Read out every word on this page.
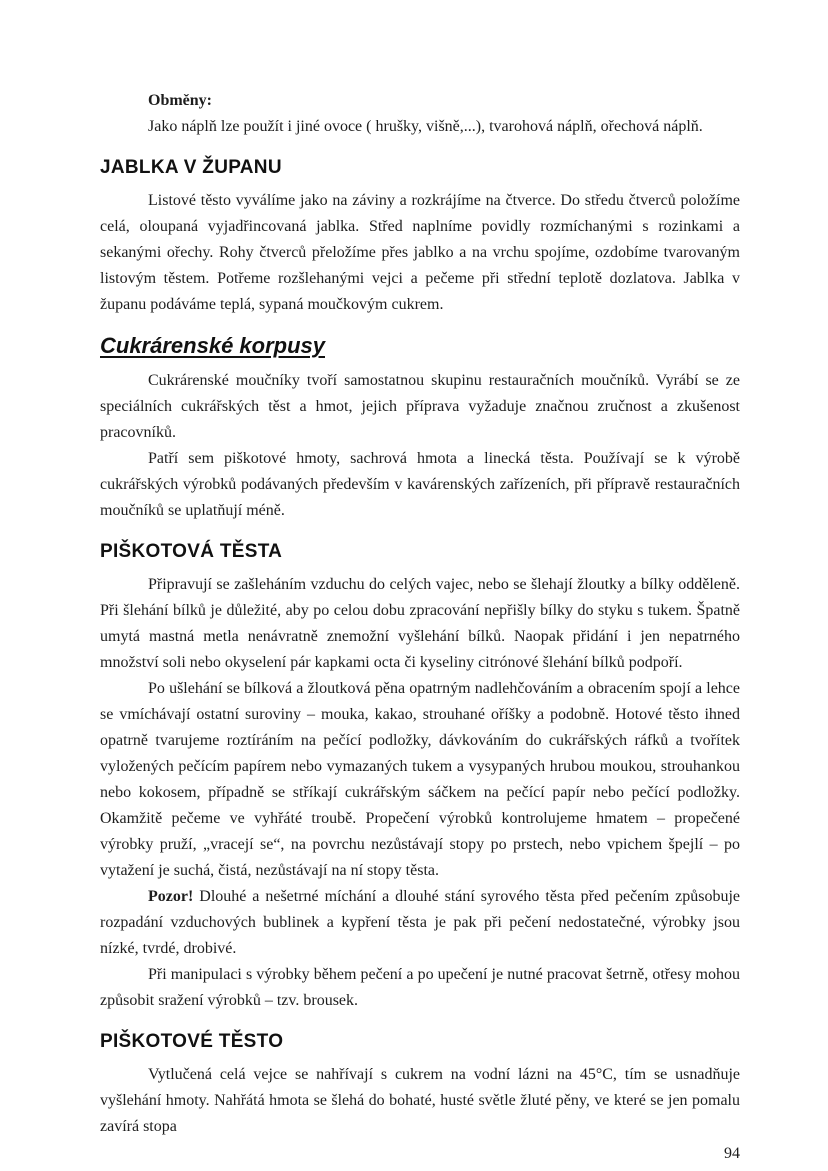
Obměny:

Jako náplň lze použít i jiné ovoce ( hrušky, višně,...), tvarohová náplň, ořechová náplň.

JABLKA V ŽUPANU

Listové těsto vyválíme jako na záviny a rozkrájíme na čtverce. Do středu čtverců položíme celá, oloupaná vyjadřincovaná jablka. Střed naplníme povidly rozmíchanými s rozinkami a sekanými ořechy. Rohy čtverců přeložíme přes jablko a na vrchu spojíme, ozdobíme tvarovaným listovým těstem. Potřeme rozšlehanými vejci a pečeme při střední teplotě dozlatova. Jablka v županu podáváme teplá, sypaná moučkovým cukrem.

Cukrárenské korpusy

Cukrárenské moučníky tvoří samostatnou skupinu restauračních moučníků. Vyrábí se ze speciálních cukrářských těst a hmot, jejich příprava vyžaduje značnou zručnost a zkušenost pracovníků.

Patří sem piškotové hmoty, sachrová hmota a linecká těsta. Používají se k výrobě cukrářských výrobků podávaných především v kavárenských zařízeních, při přípravě restauračních moučníků se uplatňují méně.

PIŠKOTOVÁ TĚSTA

Připravují se zašleháním vzduchu do celých vajec, nebo se šlehají žloutky a bílky odděleně. Při šlehání bílků je důležité, aby po celou dobu zpracování nepřišly bílky do styku s tukem. Špatně umytá mastná metla nenávratně znemožní vyšlehání bílků. Naopak přidání i jen nepatrného množství soli nebo okyselení pár kapkami octa či kyseliny citrónové šlehání bílků podpoří.

Po ušlehání se bílková a žloutková pěna opatrným nadlehčováním a obracením spojí a lehce se vmíchávají ostatní suroviny – mouka, kakao, strouhané oříšky a podobně. Hotové těsto ihned opatrně tvarujeme roztíráním na pečící podložky, dávkováním do cukrářských ráfků a tvořítek vyložených pečícím papírem nebo vymazaných tukem a vysypaných hrubou moukou, strouhankou nebo kokosem, případně se stříkají cukrářským sáčkem na pečící papír nebo pečící podložky. Okamžitě pečeme ve vyhřáté troubě. Propečení výrobků kontrolujeme hmatem – propečené výrobky pruží, „vracejí se“, na povrchu nezůstávají stopy po prstech, nebo vpichem špejlí – po vytažení je suchá, čistá, nezůstávají na ní stopy těsta.

Pozor! Dlouhé a nešetrné míchání a dlouhé stání syrového těsta před pečením způsobuje rozpadání vzduchových bublinek a kypření těsta je pak při pečení nedostatečné, výrobky jsou nízké, tvrdé, drobivé.

Při manipulaci s výrobky během pečení a po upečení je nutné pracovat šetrně, otřesy mohou způsobit sražení výrobků – tzv. brousek.

PIŠKOTOVÉ TĚSTO

Vytlučená celá vejce se nahřívají s cukrem na vodní lázni na 45°C, tím se usnadňuje vyšlehání hmoty. Nahřátá hmota se šlehá do bohaté, husté světle žluté pěny, ve které se jen pomalu zavírá stopa

94
